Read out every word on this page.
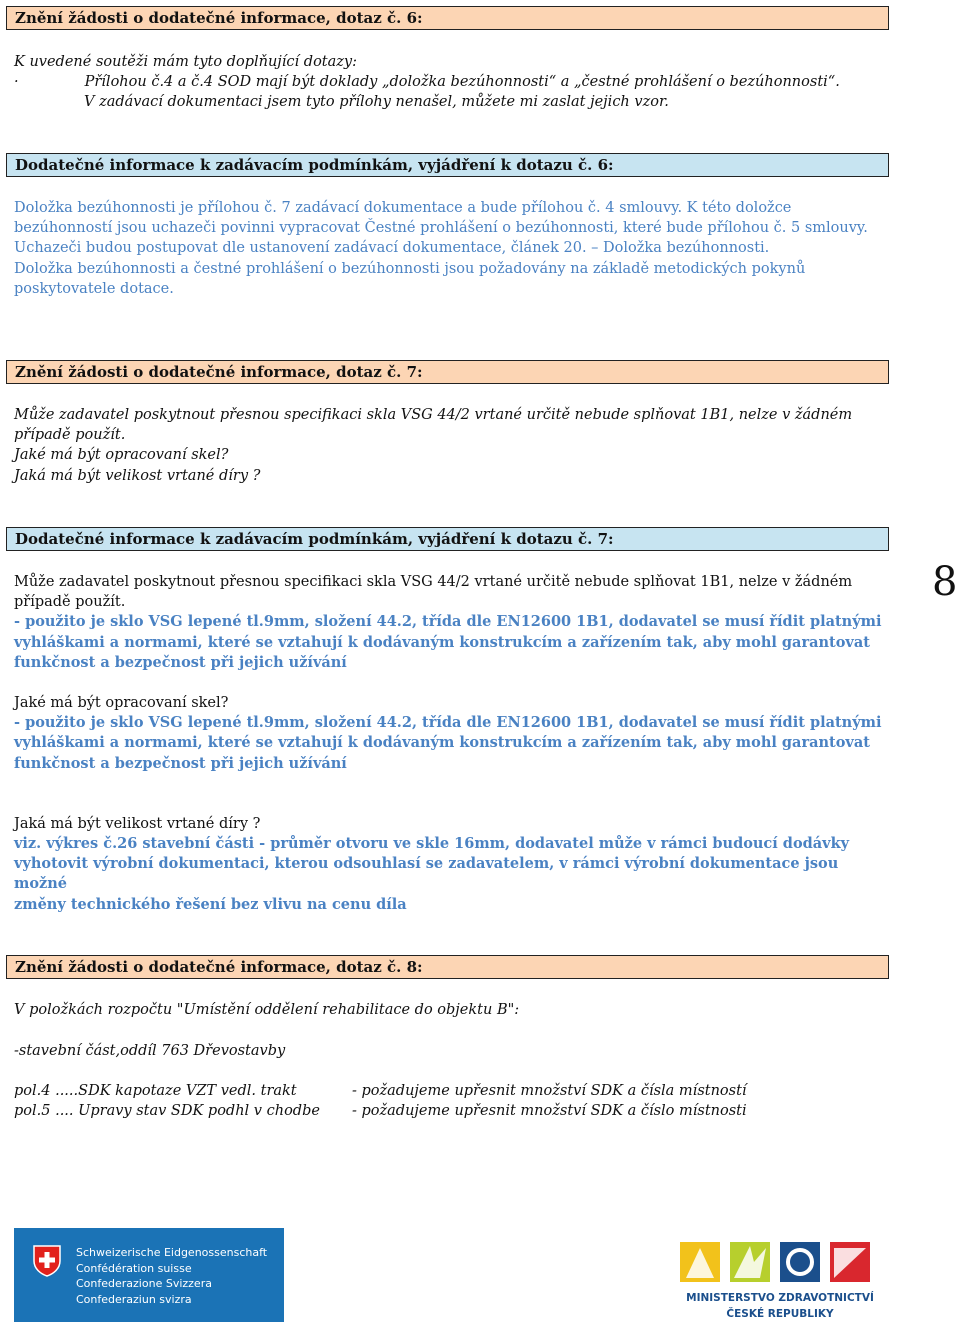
Znění žádosti o dodatečné informace, dotaz č. 6:

K uvedené soutěži mám tyto doplňující dotazy:

·	Přílohou č.4 a č.4 SOD mají být doklady „doložka bezúhonnosti“ a „čestné prohlášení o bezúhonnosti“.

V zadávací dokumentaci jsem tyto přílohy nenašel, můžete mi zaslat jejich vzor.

Dodatečné informace k zadávacím podmínkám, vyjádření k dotazu č. 6:

Doložka bezúhonnosti je přílohou č. 7 zadávací dokumentace a bude přílohou č. 4 smlouvy. K této doložce

bezúhonností jsou uchazeči povinni vypracovat Čestné prohlášení o bezúhonnosti, které bude přílohou č. 5 smlouvy.

Uchazeči budou postupovat dle ustanovení zadávací dokumentace, článek 20. – Doložka bezúhonnosti.

Doložka bezúhonnosti a čestné prohlášení o bezúhonnosti jsou požadovány na základě metodických pokynů

poskytovatele dotace.

Znění žádosti o dodatečné informace, dotaz č. 7:

Může zadavatel poskytnout přesnou specifikaci skla VSG 44/2 vrtané určitě nebude splňovat 1B1, nelze v žádném

případě použít.

Jaké má být opracovaní skel?

Jaká má být velikost vrtané díry ?

Dodatečné informace k zadávacím podmínkám, vyjádření k dotazu č. 7:

Může zadavatel poskytnout přesnou specifikaci skla VSG 44/2 vrtané určitě nebude splňovat 1B1, nelze v žádném

případě použít.

- použito je sklo VSG lepené tl.9mm, složení 44.2, třída dle EN12600 1B1, dodavatel se musí řídit platnými

vyhláškami a normami, které se vztahují k dodávaným konstrukcím a zařízením tak, aby mohl garantovat

funkčnost a bezpečnost při jejich užívání

Jaké má být opracovaní skel?

- použito je sklo VSG lepené tl.9mm, složení 44.2, třída dle EN12600 1B1, dodavatel se musí řídit platnými

vyhláškami a normami, které se vztahují k dodávaným konstrukcím a zařízením tak, aby mohl garantovat

funkčnost a bezpečnost při jejich užívání

Jaká má být velikost vrtané díry ?

viz. výkres č.26 stavební části - průměr otvoru ve skle 16mm, dodavatel může v rámci budoucí dodávky

vyhotovit výrobní dokumentaci, kterou odsouhlasí se zadavatelem, v rámci výrobní dokumentace jsou možné

změny technického řešení bez vlivu na cenu díla

8
Znění žádosti o dodatečné informace, dotaz č. 8:
V položkách rozpočtu "Umístění oddělení rehabilitace do objektu B":
-stavební část,oddíl 763 Dřevostavby
pol.4 .....SDK kapotaze VZT vedl. trakt	- požadujeme upřesnit množství SDK a čísla místností
pol.5 .... Upravy stav SDK podhl v chodbe - požadujeme upřesnit množství SDK a číslo místnosti
Schweizerische Eidgenossenschaft
Confédération suisse
Confederazione Svizzera
Confederaziun svizra	MINISTERSTVO ZDRAVOTNICTVÍ
ČESKÉ REPUBLIKY
